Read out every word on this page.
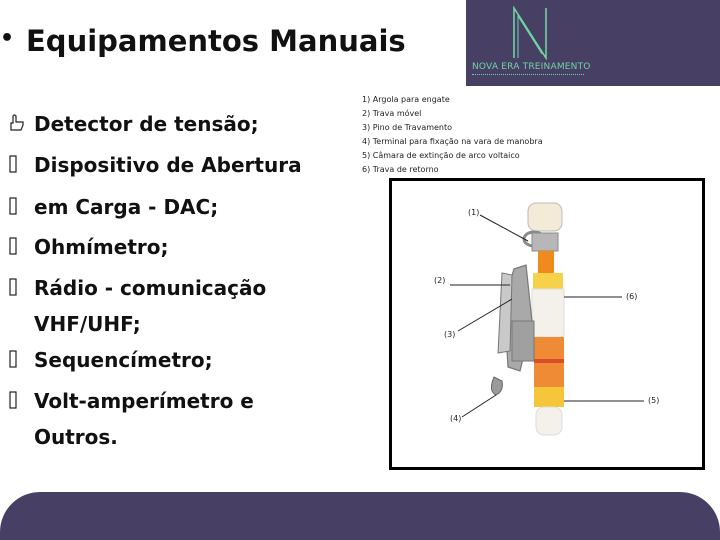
• Equipamentos Manuais
NOVA ERA TREINAMENTO
Detector de tensão;
Dispositivo de Abertura
em Carga - DAC;
Ohmímetro;
Rádio - comunicação
VHF/UHF;
Sequencímetro;
Volt-amperímetro e
Outros.
1) Argola para engate
2) Trava móvel
3) Pino de Travamento
4) Terminal para fixação na vara de manobra
5) Câmara de extinção de arco voltaico
6) Trava de retorno
(1)
(2)
(3)
(4)
(5)
(6)
